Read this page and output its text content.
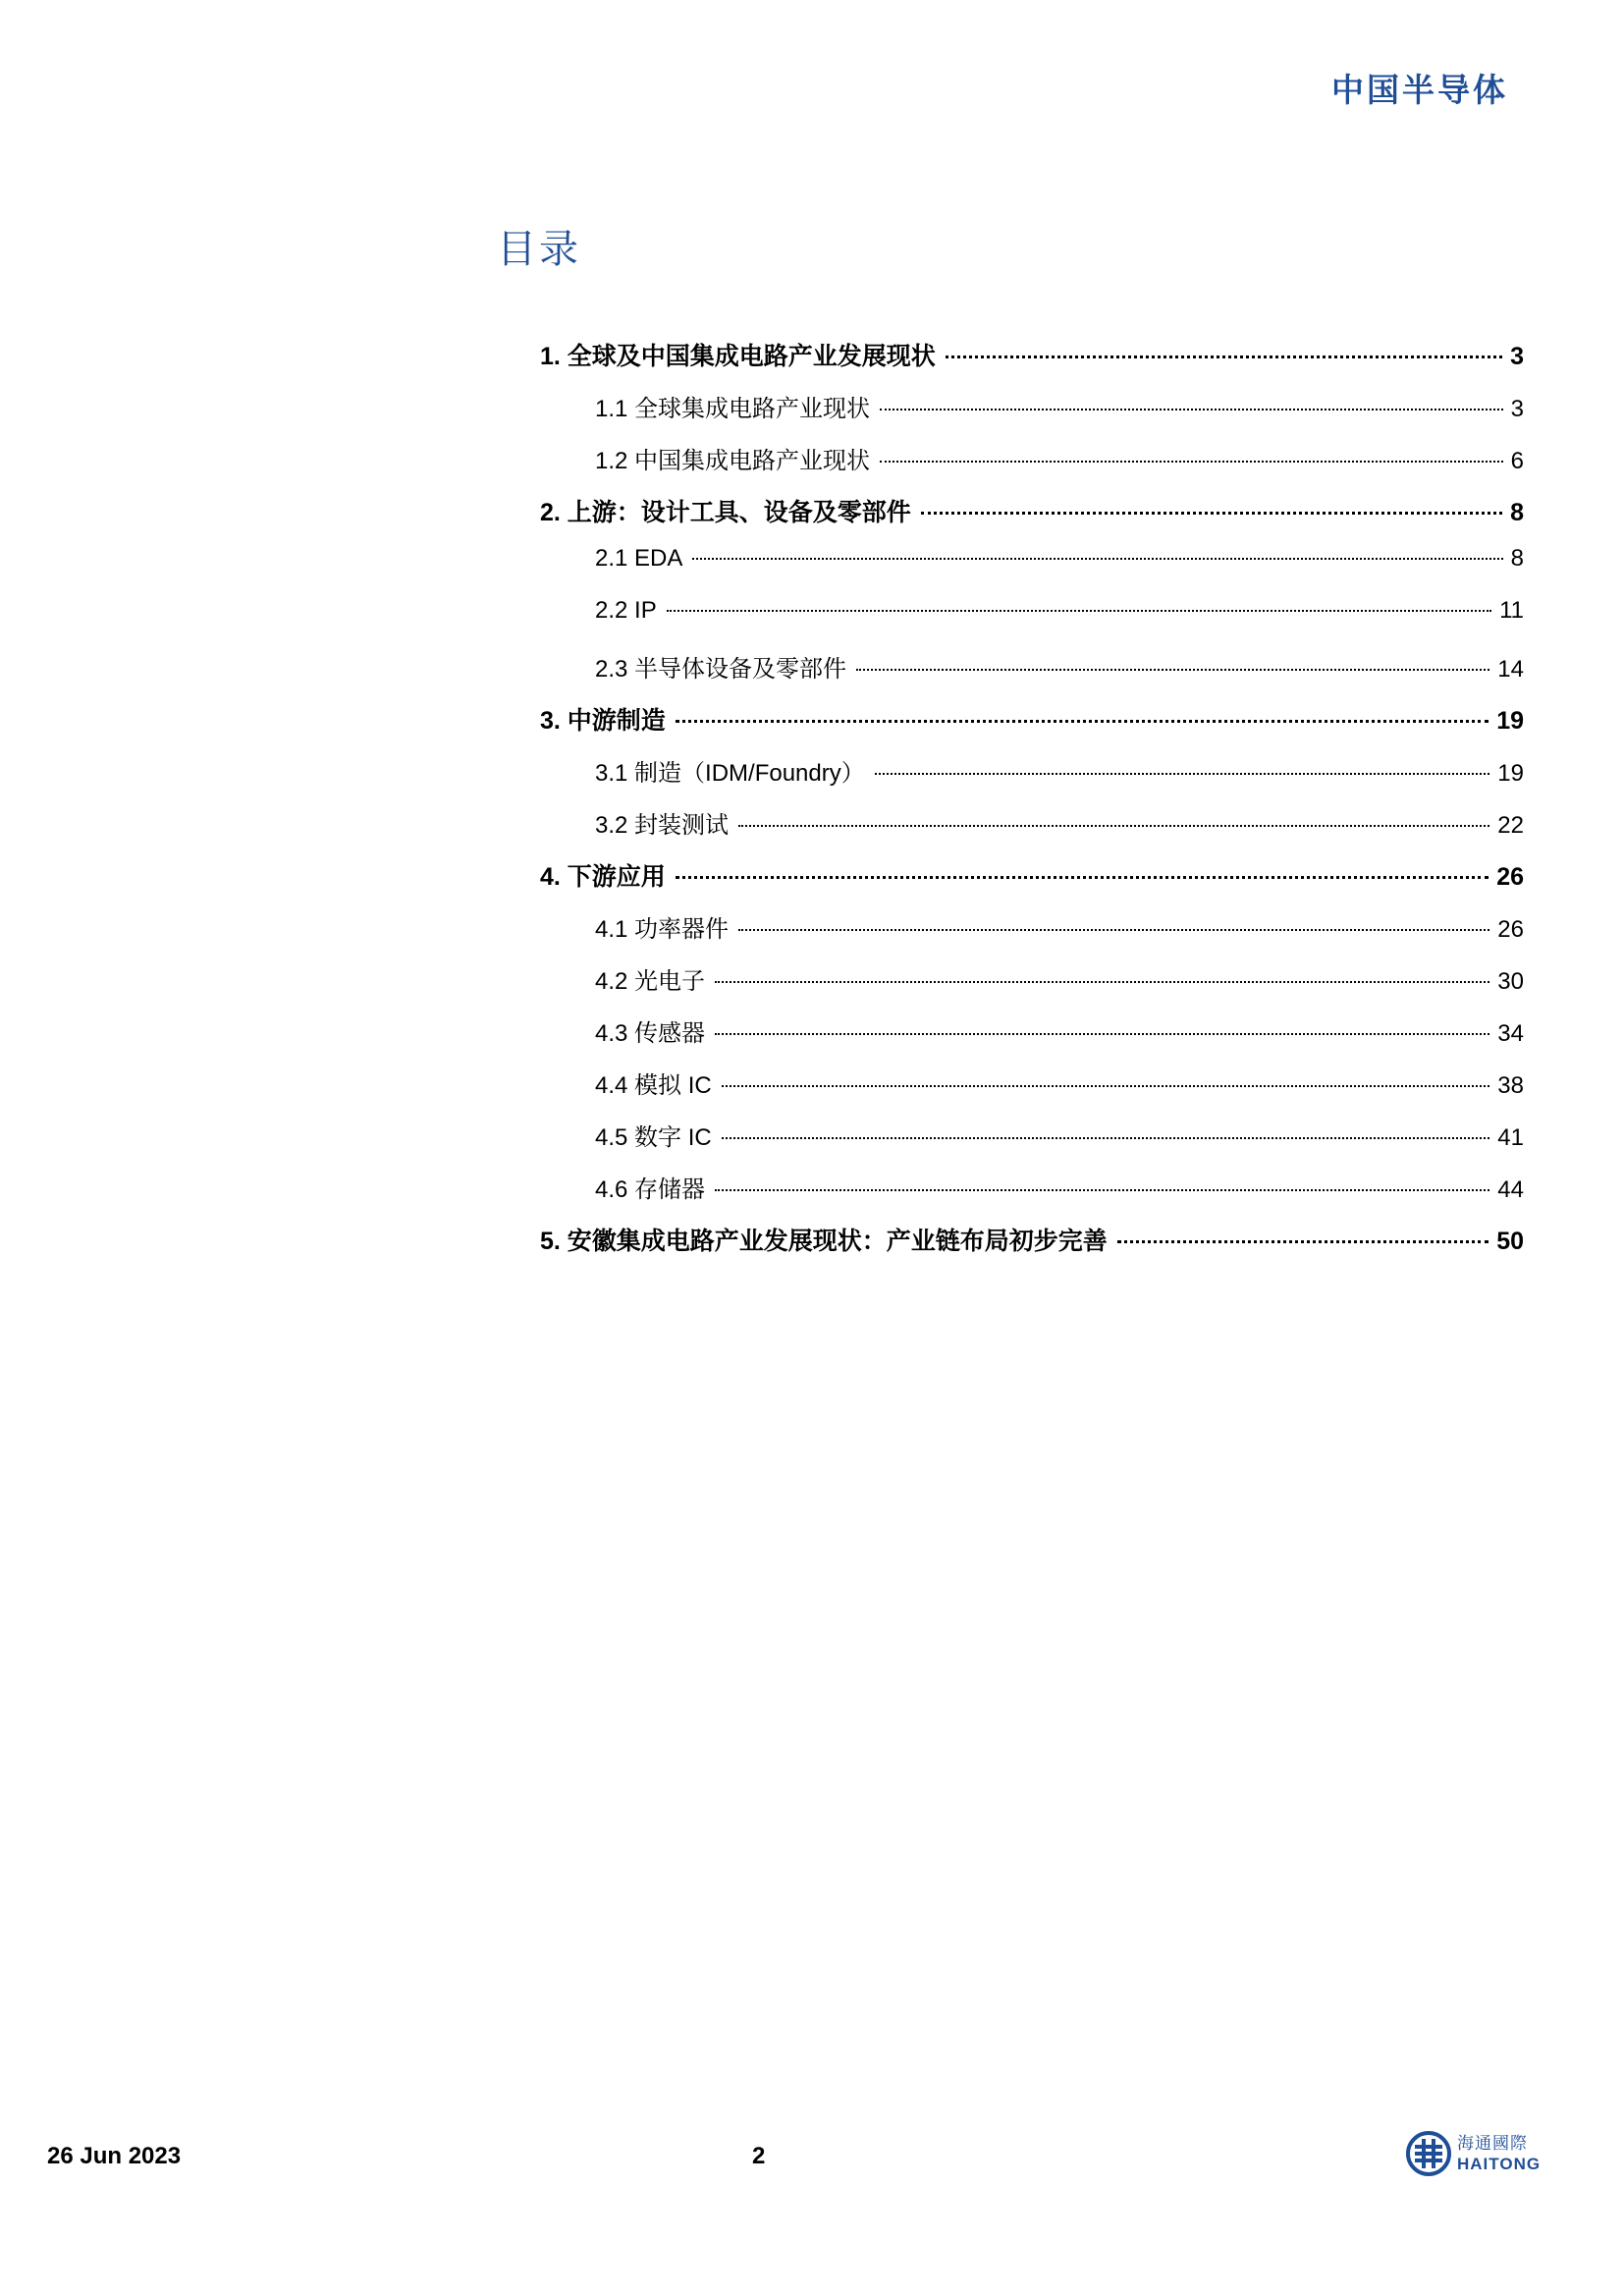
中国半导体
目录
1. 全球及中国集成电路产业发展现状	3
1.1 全球集成电路产业现状	3
1.2 中国集成电路产业现状	6
2. 上游：设计工具、设备及零部件	8
2.1 EDA	8
2.2 IP	11
2.3 半导体设备及零部件	14
3. 中游制造	19
3.1 制造（IDM/Foundry）	19
3.2 封装测试	22
4. 下游应用	26
4.1 功率器件	26
4.2 光电子	30
4.3 传感器	34
4.4 模拟 IC	38
4.5 数字 IC	41
4.6 存储器	44
5. 安徽集成电路产业发展现状：产业链布局初步完善	50
26 Jun 2023	2	海通國際
HAITONG
